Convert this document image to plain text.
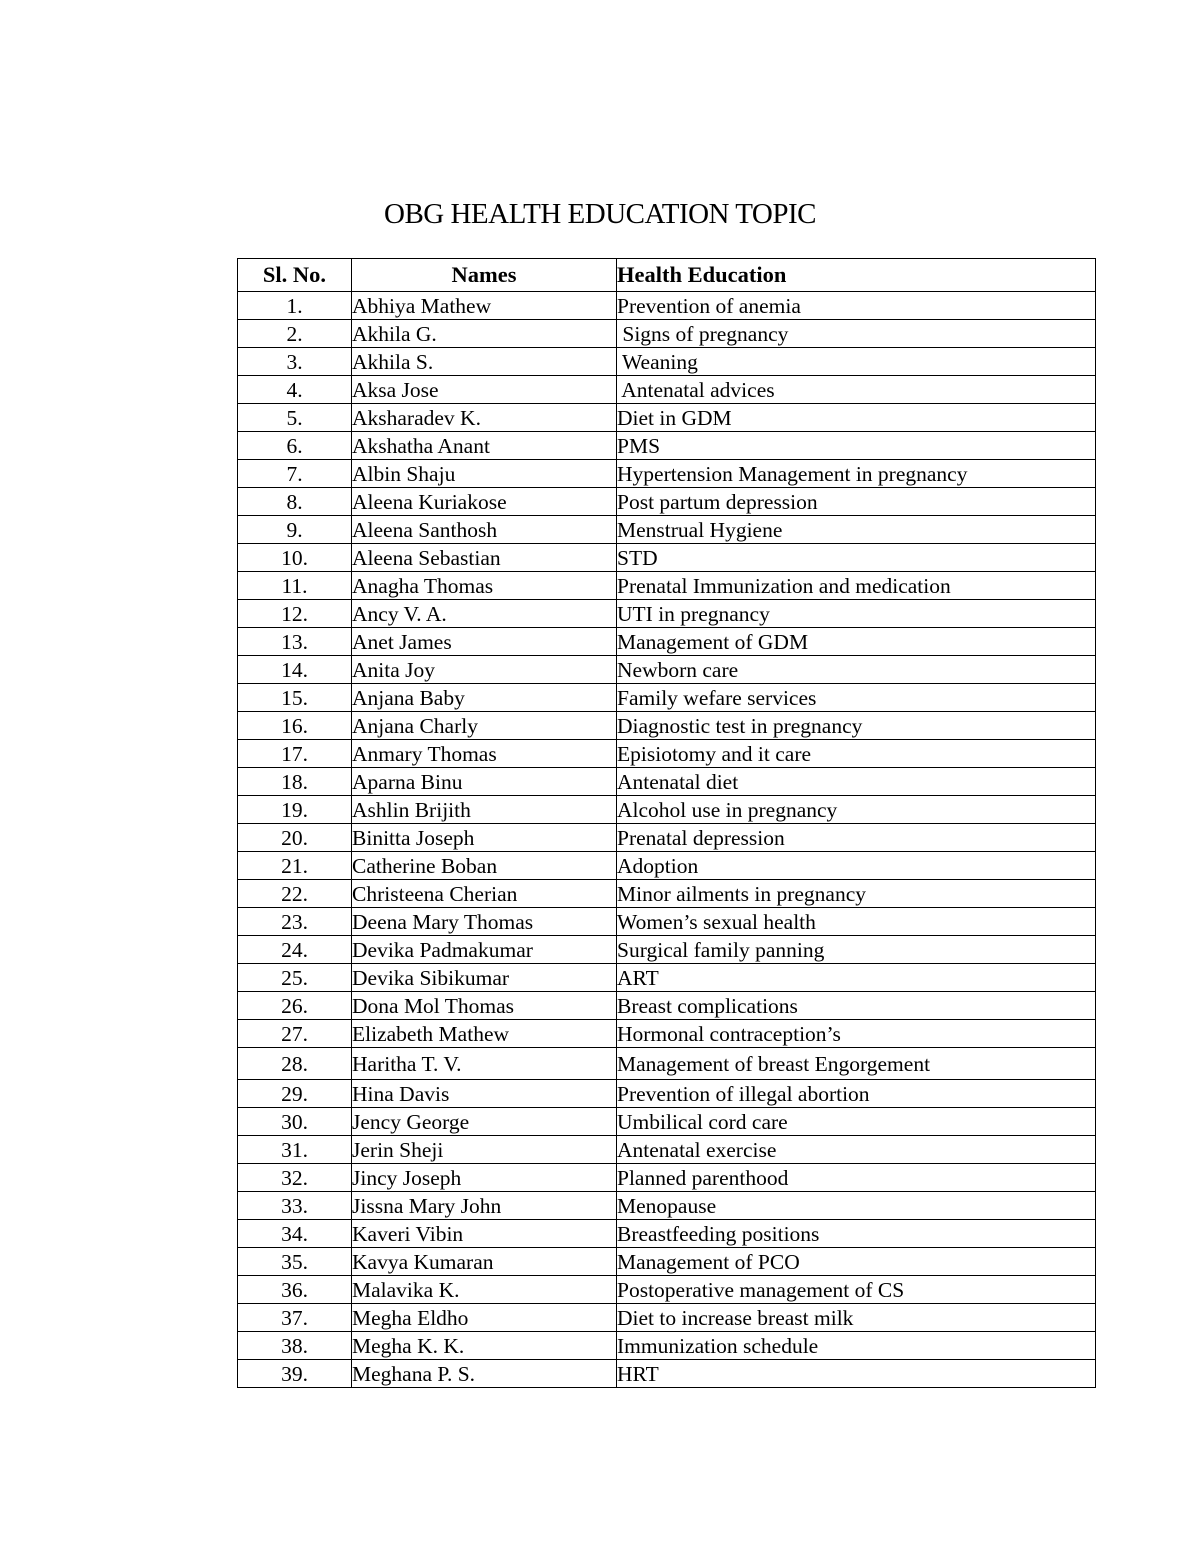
OBG HEALTH EDUCATION TOPIC
Sl. No.	Names	Health Education
1.	Abhiya Mathew	Prevention of anemia
2.	Akhila G.	Signs of pregnancy
3.	Akhila S.	Weaning
4.	Aksa Jose	Antenatal advices
5.	Aksharadev K.	Diet in GDM
6.	Akshatha Anant	PMS
7.	Albin Shaju	Hypertension Management in pregnancy
8.	Aleena Kuriakose	Post partum depression
9.	Aleena Santhosh	Menstrual Hygiene
10.	Aleena Sebastian	STD
11.	Anagha Thomas	Prenatal Immunization and medication
12.	Ancy V. A.	UTI in pregnancy
13.	Anet James	Management of GDM
14.	Anita Joy	Newborn care
15.	Anjana Baby	Family wefare services
16.	Anjana Charly	Diagnostic test in pregnancy
17.	Anmary Thomas	Episiotomy and it care
18.	Aparna Binu	Antenatal diet
19.	Ashlin Brijith	Alcohol use in pregnancy
20.	Binitta Joseph	Prenatal depression
21.	Catherine Boban	Adoption
22.	Christeena Cherian	Minor ailments in pregnancy
23.	Deena Mary Thomas	Women’s sexual health
24.	Devika Padmakumar	Surgical family panning
25.	Devika Sibikumar	ART
26.	Dona Mol Thomas	Breast complications
27.	Elizabeth Mathew	Hormonal contraception’s
28.	Haritha T. V.	Management of breast Engorgement
29.	Hina Davis	Prevention of illegal abortion
30.	Jency George	Umbilical cord care
31.	Jerin Sheji	Antenatal exercise
32.	Jincy Joseph	Planned parenthood
33.	Jissna Mary John	Menopause
34.	Kaveri Vibin	Breastfeeding positions
35.	Kavya Kumaran	Management of PCO
36.	Malavika K.	Postoperative management of CS
37.	Megha Eldho	Diet to increase breast milk
38.	Megha K. K.	Immunization schedule
39.	Meghana P. S.	HRT
